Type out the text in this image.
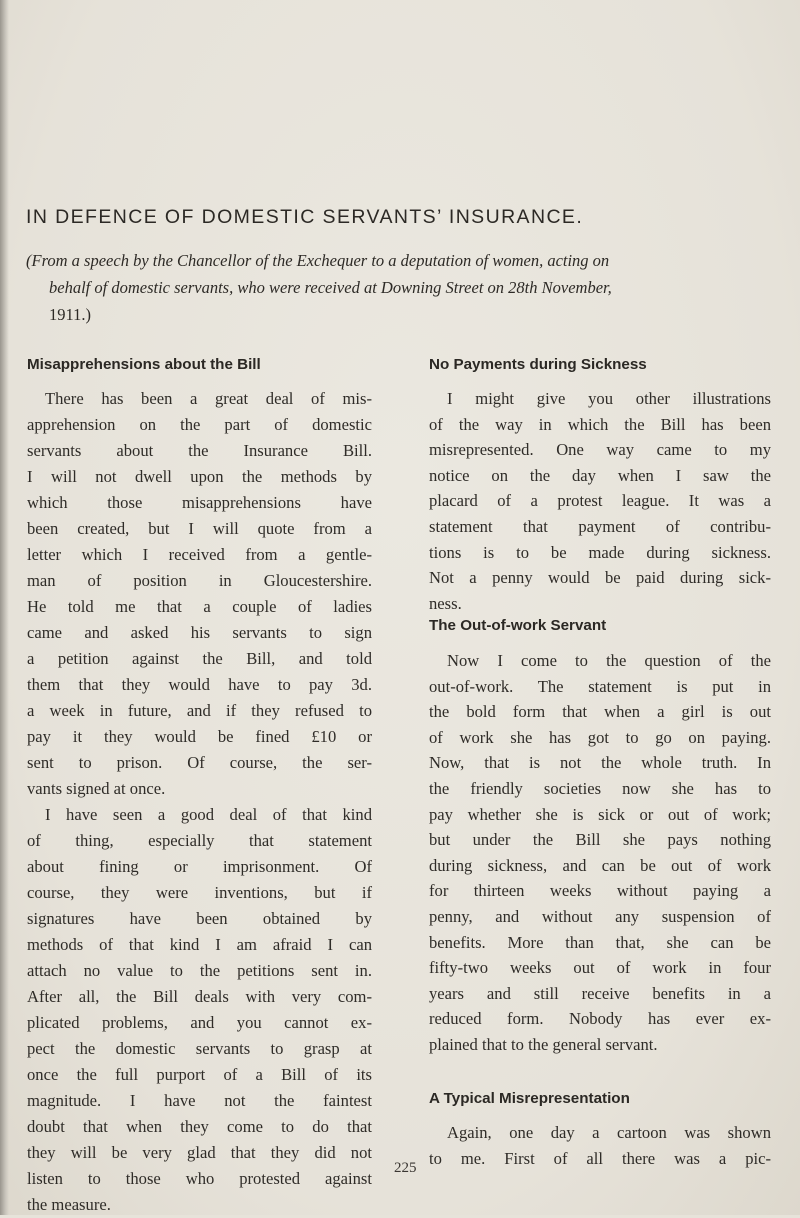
IN DEFENCE OF DOMESTIC SERVANTS’ INSURANCE.
(From a speech by the Chancellor of the Exchequer to a deputation of women, acting on
behalf of domestic servants, who were received at Downing Street on 28th November,
1911.)
Misapprehensions about the Bill
There has been a great deal of mis-
apprehension on the part of domestic
servants about the Insurance Bill.
I will not dwell upon the methods by
which those misapprehensions have
been created, but I will quote from a
letter which I received from a gentle-
man of position in Gloucestershire.
He told me that a couple of ladies
came and asked his servants to sign
a petition against the Bill, and told
them that they would have to pay 3d.
a week in future, and if they refused to
pay it they would be fined £10 or
sent to prison. Of course, the ser-
vants signed at once.
I have seen a good deal of that kind
of thing, especially that statement
about fining or imprisonment. Of
course, they were inventions, but if
signatures have been obtained by
methods of that kind I am afraid I can
attach no value to the petitions sent in.
After all, the Bill deals with very com-
plicated problems, and you cannot ex-
pect the domestic servants to grasp at
once the full purport of a Bill of its
magnitude. I have not the faintest
doubt that when they come to do that
they will be very glad that they did not
listen to those who protested against
the measure.
No Payments during Sickness
I might give you other illustrations
of the way in which the Bill has been
misrepresented. One way came to my
notice on the day when I saw the
placard of a protest league. It was a
statement that payment of contribu-
tions is to be made during sickness.
Not a penny would be paid during sick-
ness.
The Out-of-work Servant
Now I come to the question of the
out-of-work. The statement is put in
the bold form that when a girl is out
of work she has got to go on paying.
Now, that is not the whole truth. In
the friendly societies now she has to
pay whether she is sick or out of work;
but under the Bill she pays nothing
during sickness, and can be out of work
for thirteen weeks without paying a
penny, and without any suspension of
benefits. More than that, she can be
fifty-two weeks out of work in four
years and still receive benefits in a
reduced form. Nobody has ever ex-
plained that to the general servant.
A Typical Misrepresentation
Again, one day a cartoon was shown
to me. First of all there was a pic-
225
